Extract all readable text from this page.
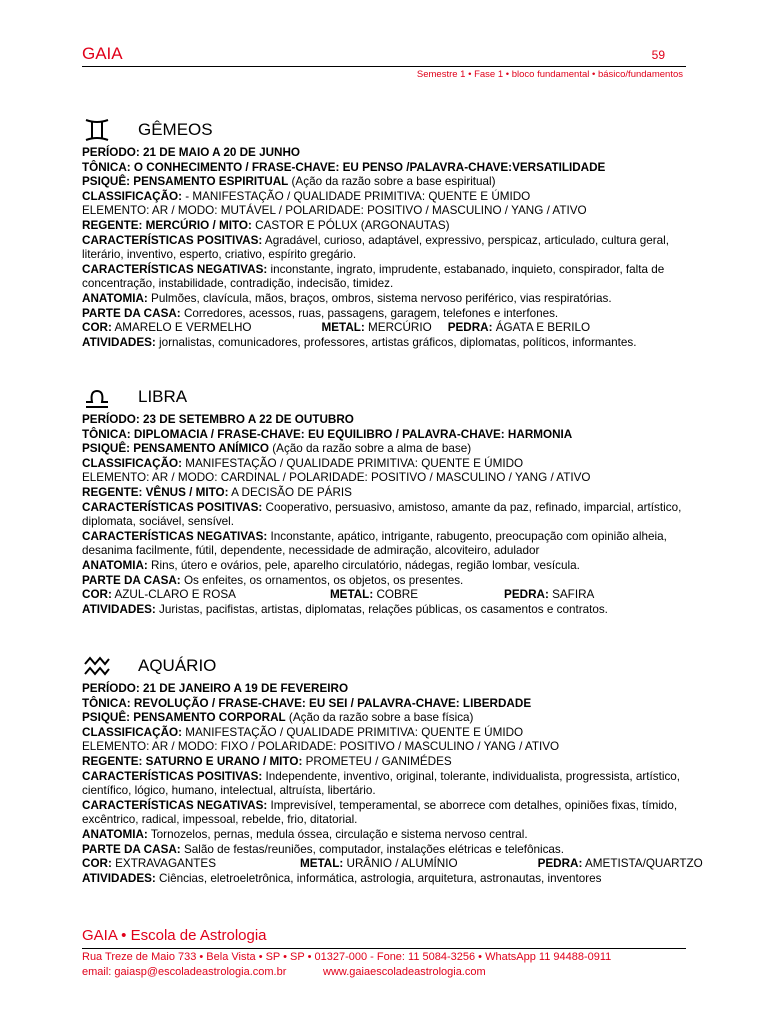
GAIA	59
Semestre 1 • Fase 1 • bloco fundamental • básico/fundamentos
GÊMEOS
PERÍODO: 21 DE MAIO A 20 DE JUNHO
TÔNICA: O CONHECIMENTO / FRASE-CHAVE: EU PENSO /PALAVRA-CHAVE:VERSATILIDADE
PSIQUÊ: PENSAMENTO ESPIRITUAL (Ação da razão sobre a base espiritual)
CLASSIFICAÇÃO: - MANIFESTAÇÃO / QUALIDADE PRIMITIVA: QUENTE E ÚMIDO
ELEMENTO: AR / MODO: MUTÁVEL / POLARIDADE: POSITIVO / MASCULINO / YANG / ATIVO
REGENTE: MERCÚRIO / MITO: CASTOR E PÓLUX (ARGONAUTAS)
CARACTERÍSTICAS POSITIVAS: Agradável, curioso, adaptável, expressivo, perspicaz, articulado, cultura geral, literário, inventivo, esperto, criativo, espírito gregário.
CARACTERÍSTICAS NEGATIVAS: inconstante, ingrato, imprudente, estabanado, inquieto, conspirador, falta de concentração, instabilidade, contradição, indecisão, timidez.
ANATOMIA: Pulmões, clavícula, mãos, braços, ombros, sistema nervoso periférico, vias respiratórias.
PARTE DA CASA: Corredores, acessos, ruas, passagens, garagem, telefones e interfones.
COR: AMARELO E VERMELHO	METAL: MERCÚRIO PEDRA: ÁGATA E BERILO
ATIVIDADES: jornalistas, comunicadores, professores, artistas gráficos, diplomatas, políticos, informantes.
LIBRA
PERÍODO: 23 DE SETEMBRO A 22 DE OUTUBRO
TÔNICA: DIPLOMACIA / FRASE-CHAVE: EU EQUILIBRO / PALAVRA-CHAVE: HARMONIA
PSIQUÊ: PENSAMENTO ANÍMICO (Ação da razão sobre a alma de base)
CLASSIFICAÇÃO: MANIFESTAÇÃO / QUALIDADE PRIMITIVA: QUENTE E ÚMIDO
ELEMENTO: AR / MODO: CARDINAL / POLARIDADE: POSITIVO / MASCULINO / YANG / ATIVO
REGENTE: VÊNUS / MITO: A DECISÃO DE PÁRIS
CARACTERÍSTICAS POSITIVAS: Cooperativo, persuasivo, amistoso, amante da paz, refinado, imparcial, artístico, diplomata, sociável, sensível.
CARACTERÍSTICAS NEGATIVAS: Inconstante, apático, intrigante, rabugento, preocupação com opinião alheia, desanima facilmente, fútil, dependente, necessidade de admiração, alcoviteiro, adulador
ANATOMIA: Rins, útero e ovários, pele, aparelho circulatório, nádegas, região lombar, vesícula.
PARTE DA CASA: Os enfeites, os ornamentos, os objetos, os presentes.
COR: AZUL-CLARO E ROSA	METAL: COBRE	PEDRA: SAFIRA
ATIVIDADES: Juristas, pacifistas, artistas, diplomatas, relações públicas, os casamentos e contratos.
AQUÁRIO
PERÍODO: 21 DE JANEIRO A 19 DE FEVEREIRO
TÔNICA: REVOLUÇÃO / FRASE-CHAVE: EU SEI / PALAVRA-CHAVE: LIBERDADE
PSIQUÊ: PENSAMENTO CORPORAL (Ação da razão sobre a base física)
CLASSIFICAÇÃO: MANIFESTAÇÃO / QUALIDADE PRIMITIVA: QUENTE E ÚMIDO
ELEMENTO: AR / MODO: FIXO / POLARIDADE: POSITIVO / MASCULINO / YANG / ATIVO
REGENTE: SATURNO E URANO / MITO: PROMETEU / GANIMÉDES
CARACTERÍSTICAS POSITIVAS: Independente, inventivo, original, tolerante, individualista, progressista, artístico, científico, lógico, humano, intelectual, altruísta, libertário.
CARACTERÍSTICAS NEGATIVAS: Imprevisível, temperamental, se aborrece com detalhes, opiniões fixas, tímido, excêntrico, radical, impessoal, rebelde, frio, ditatorial.
ANATOMIA: Tornozelos, pernas, medula óssea, circulação e sistema nervoso central.
PARTE DA CASA: Salão de festas/reuniões, computador, instalações elétricas e telefônicas.
COR: EXTRAVAGANTES	METAL: URÂNIO / ALUMÍNIO	PEDRA: AMETISTA/QUARTZO
ATIVIDADES: Ciências, eletroeletrônica, informática, astrologia, arquitetura, astronautas, inventores
GAIA • Escola de Astrologia
Rua Treze de Maio 733 • Bela Vista • SP • SP • 01327-000 - Fone: 11 5084-3256 • WhatsApp 11 94488-0911
email: gaiasp@escoladeastrologia.com.br	www.gaiaescoladeastrologia.com
